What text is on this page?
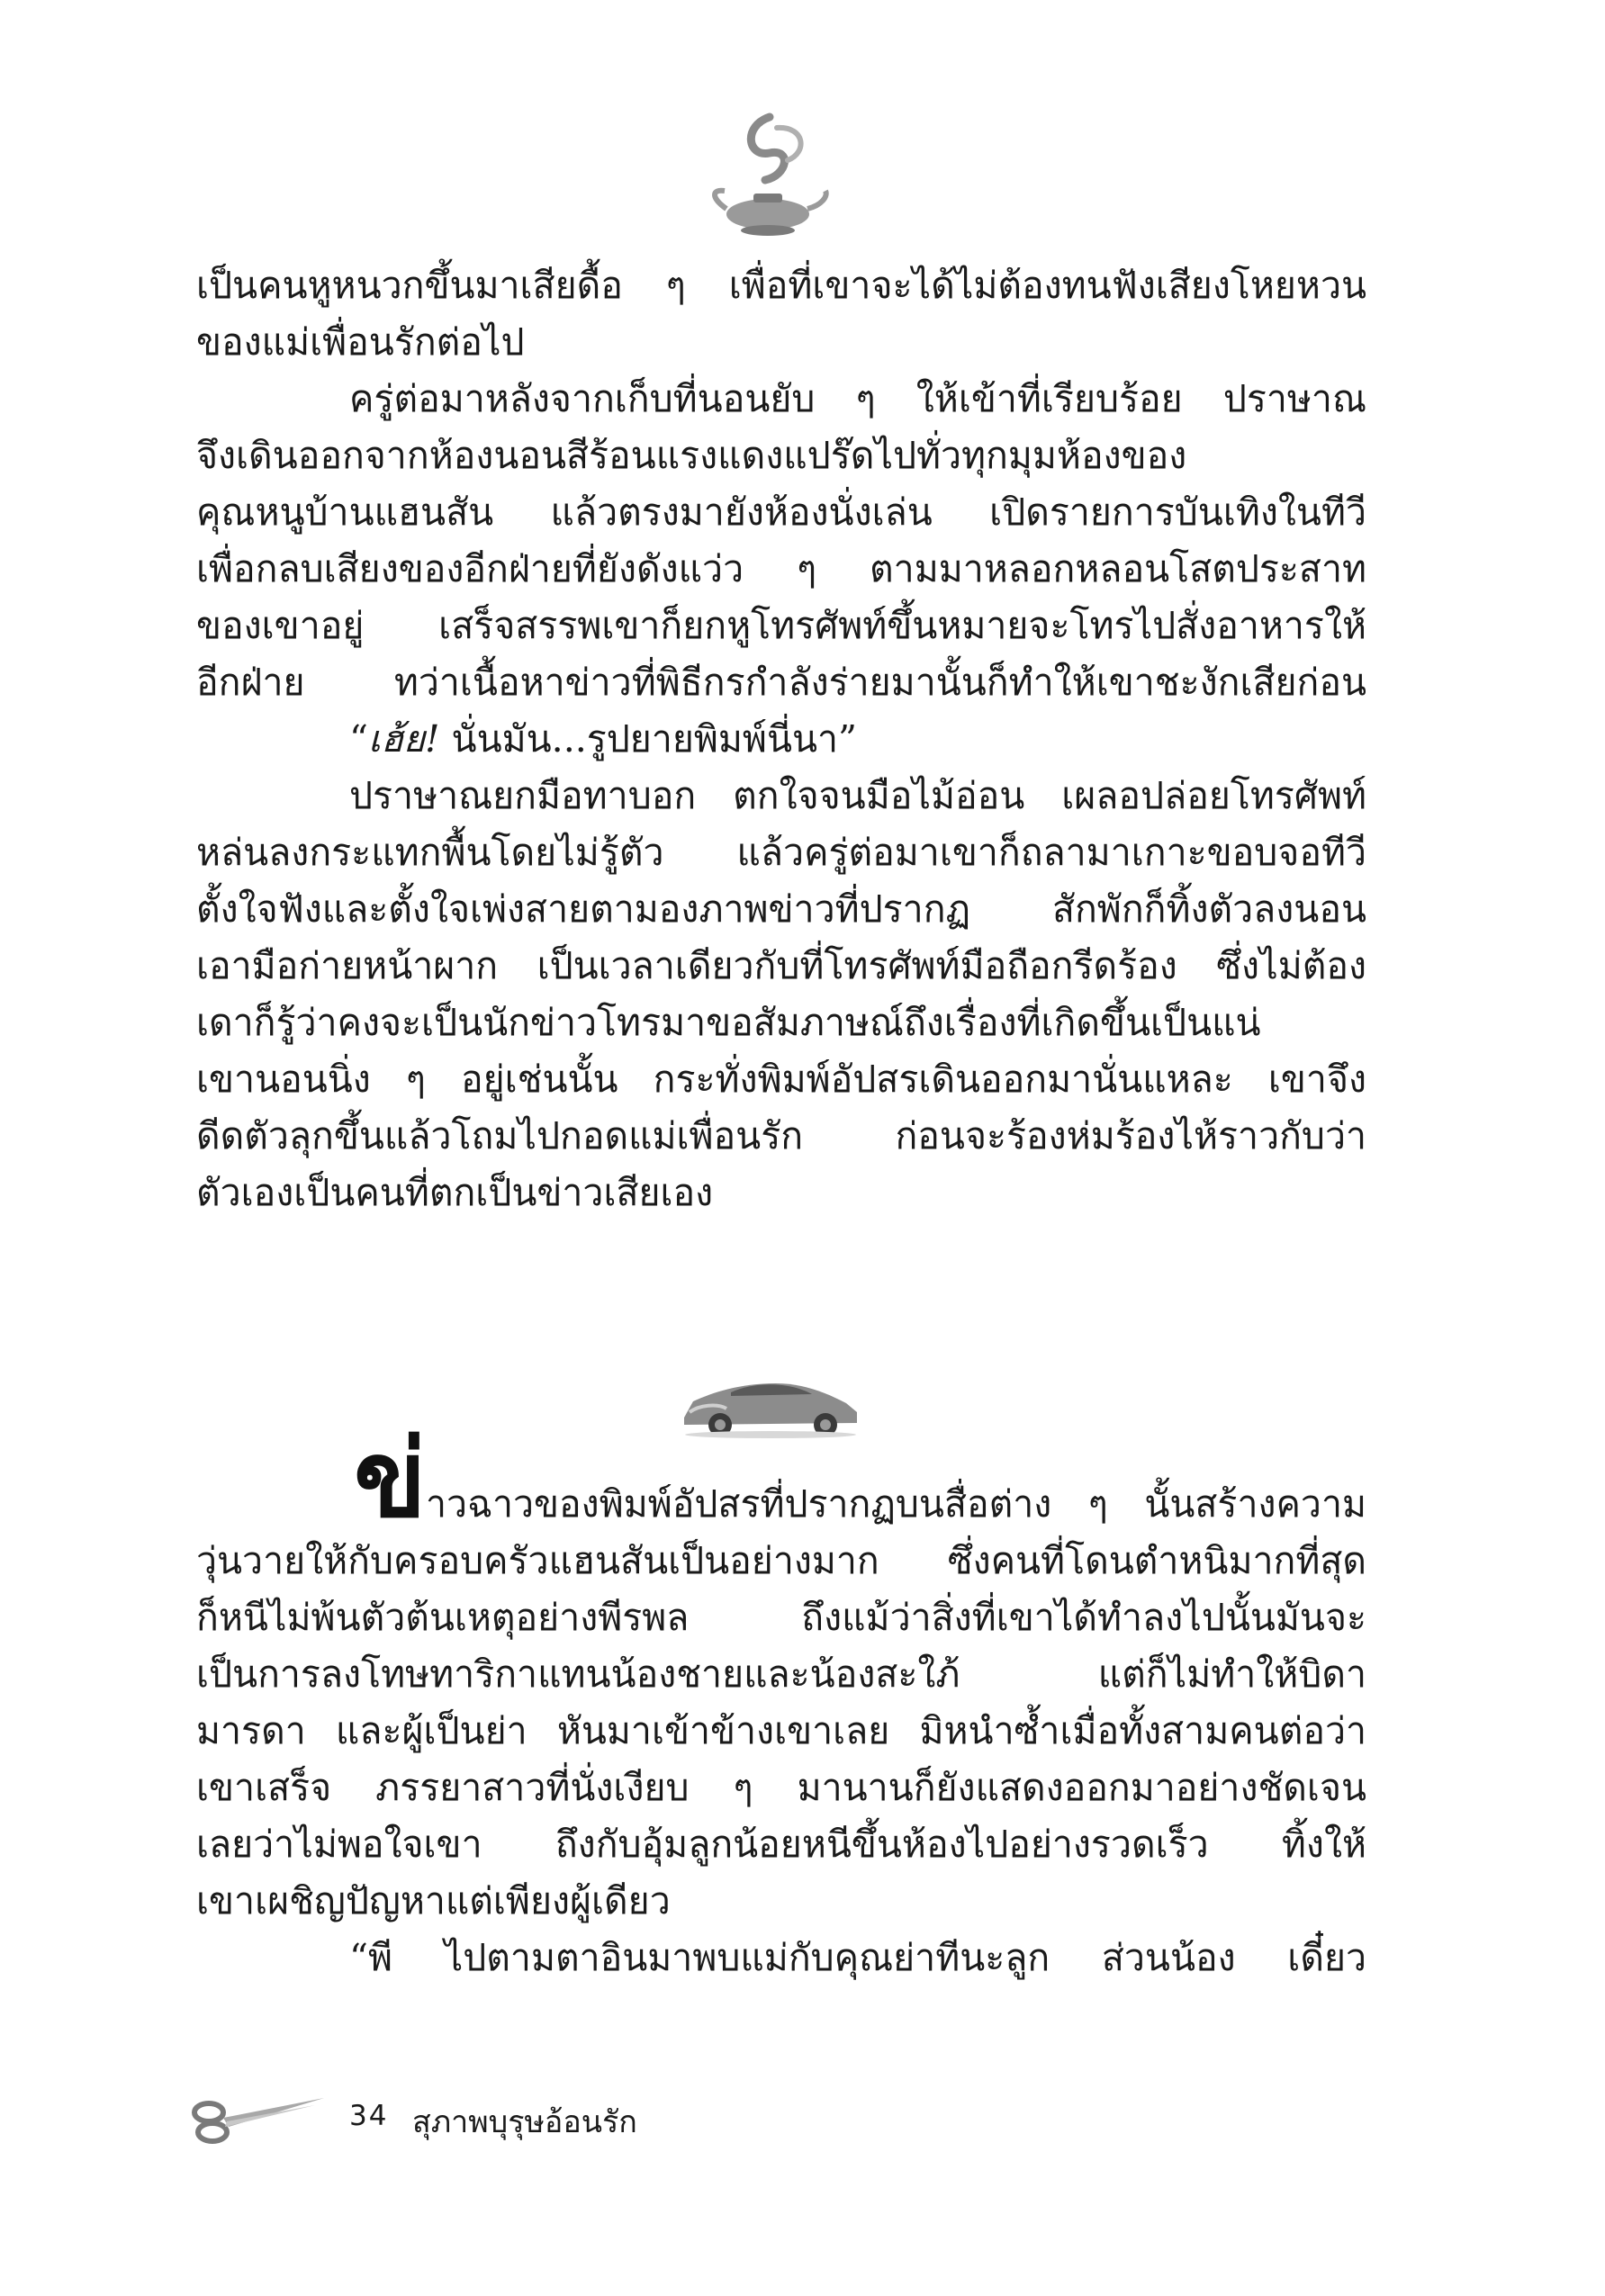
เป็นคนหูหนวกขึ้นมาเสียดื้อ ๆ เพื่อที่เขาจะได้ไม่ต้องทนฟังเสียงโหยหวน
ของแม่เพื่อนรักต่อไป
ครู่ต่อมาหลังจากเก็บที่นอนยับ ๆ ให้เข้าที่เรียบร้อย ปราษาณ
จึงเดินออกจากห้องนอนสีร้อนแรงแดงแปร๊ดไปทั่วทุกมุมห้องของ
คุณหนูบ้านแฮนสัน แล้วตรงมายังห้องนั่งเล่น เปิดรายการบันเทิงในทีวี
เพื่อกลบเสียงของอีกฝ่ายที่ยังดังแว่ว ๆ ตามมาหลอกหลอนโสตประสาท
ของเขาอยู่ เสร็จสรรพเขาก็ยกหูโทรศัพท์ขึ้นหมายจะโทรไปสั่งอาหารให้
อีกฝ่าย ทว่าเนื้อหาข่าวที่พิธีกรกำลังร่ายมานั้นก็ทำให้เขาชะงักเสียก่อน
“เฮ้ย! นั่นมัน...รูปยายพิมพ์นี่นา”
ปราษาณยกมือทาบอก ตกใจจนมือไม้อ่อน เผลอปล่อยโทรศัพท์
หล่นลงกระแทกพื้นโดยไม่รู้ตัว แล้วครู่ต่อมาเขาก็ถลามาเกาะขอบจอทีวี
ตั้งใจฟังและตั้งใจเพ่งสายตามองภาพข่าวที่ปรากฏ สักพักก็ทิ้งตัวลงนอน
เอามือก่ายหน้าผาก เป็นเวลาเดียวกับที่โทรศัพท์มือถือกรีดร้อง ซึ่งไม่ต้อง
เดาก็รู้ว่าคงจะเป็นนักข่าวโทรมาขอสัมภาษณ์ถึงเรื่องที่เกิดขึ้นเป็นแน่
เขานอนนิ่ง ๆ อยู่เช่นนั้น กระทั่งพิมพ์อัปสรเดินออกมานั่นแหละ เขาจึง
ดีดตัวลุกขึ้นแล้วโถมไปกอดแม่เพื่อนรัก ก่อนจะร้องห่มร้องไห้ราวกับว่า
ตัวเองเป็นคนที่ตกเป็นข่าวเสียเอง
ข่ าวฉาวของพิมพ์อัปสรที่ปรากฏบนสื่อต่าง ๆ นั้นสร้างความ
วุ่นวายให้กับครอบครัวแฮนสันเป็นอย่างมาก ซึ่งคนที่โดนตำหนิมากที่สุด
ก็หนีไม่พ้นตัวต้นเหตุอย่างพีรพล ถึงแม้ว่าสิ่งที่เขาได้ทำลงไปนั้นมันจะ
เป็นการลงโทษทาริกาแทนน้องชายและน้องสะใภ้ แต่ก็ไม่ทำให้บิดา
มารดา และผู้เป็นย่า หันมาเข้าข้างเขาเลย มิหนำซ้ำเมื่อทั้งสามคนต่อว่า
เขาเสร็จ ภรรยาสาวที่นั่งเงียบ ๆ มานานก็ยังแสดงออกมาอย่างชัดเจน
เลยว่าไม่พอใจเขา ถึงกับอุ้มลูกน้อยหนีขึ้นห้องไปอย่างรวดเร็ว ทิ้งให้
เขาเผชิญปัญหาแต่เพียงผู้เดียว
“พี ไปตามตาอินมาพบแม่กับคุณย่าทีนะลูก ส่วนน้อง เดี๋ยว
34 สุภาพบุรุษอ้อนรัก
